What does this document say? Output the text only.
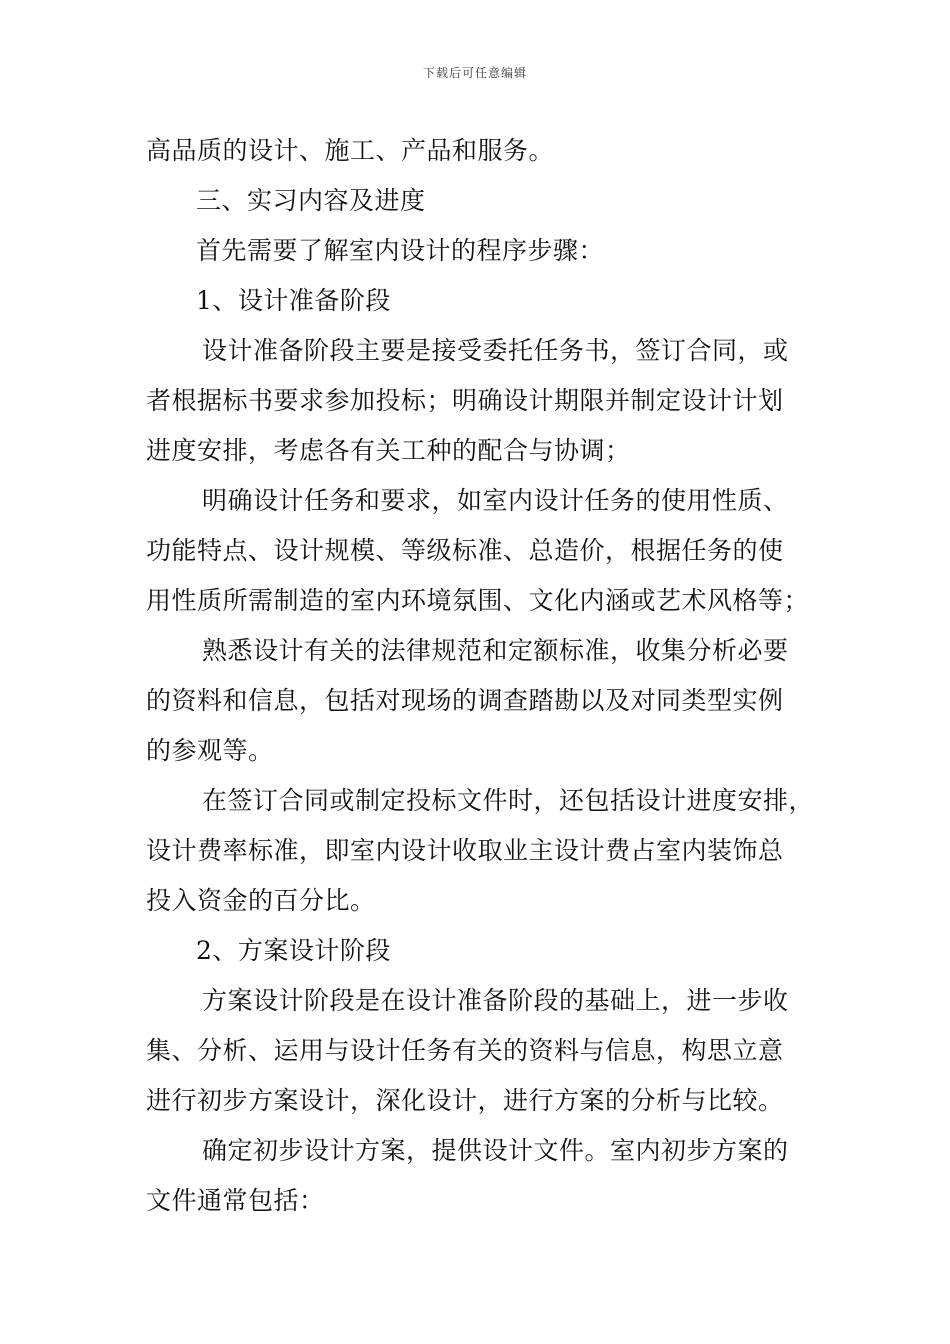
下载后可任意编辑
高品质的设计、施工、产品和服务。
三、实习内容及进度
首先需要了解室内设计的程序步骤：
1、设计准备阶段
设计准备阶段主要是接受委托任务书，签订合同，或
者根据标书要求参加投标；明确设计期限并制定设计计划
进度安排，考虑各有关工种的配合与协调；
明确设计任务和要求，如室内设计任务的使用性质、
功能特点、设计规模、等级标准、总造价，根据任务的使
用性质所需制造的室内环境氛围、文化内涵或艺术风格等；
熟悉设计有关的法律规范和定额标准，收集分析必要
的资料和信息，包括对现场的调查踏勘以及对同类型实例
的参观等。
在签订合同或制定投标文件时，还包括设计进度安排，
设计费率标准，即室内设计收取业主设计费占室内装饰总
投入资金的百分比。
2、方案设计阶段
方案设计阶段是在设计准备阶段的基础上，进一步收
集、分析、运用与设计任务有关的资料与信息，构思立意
进行初步方案设计，深化设计，进行方案的分析与比较。
确定初步设计方案，提供设计文件。室内初步方案的
文件通常包括：
